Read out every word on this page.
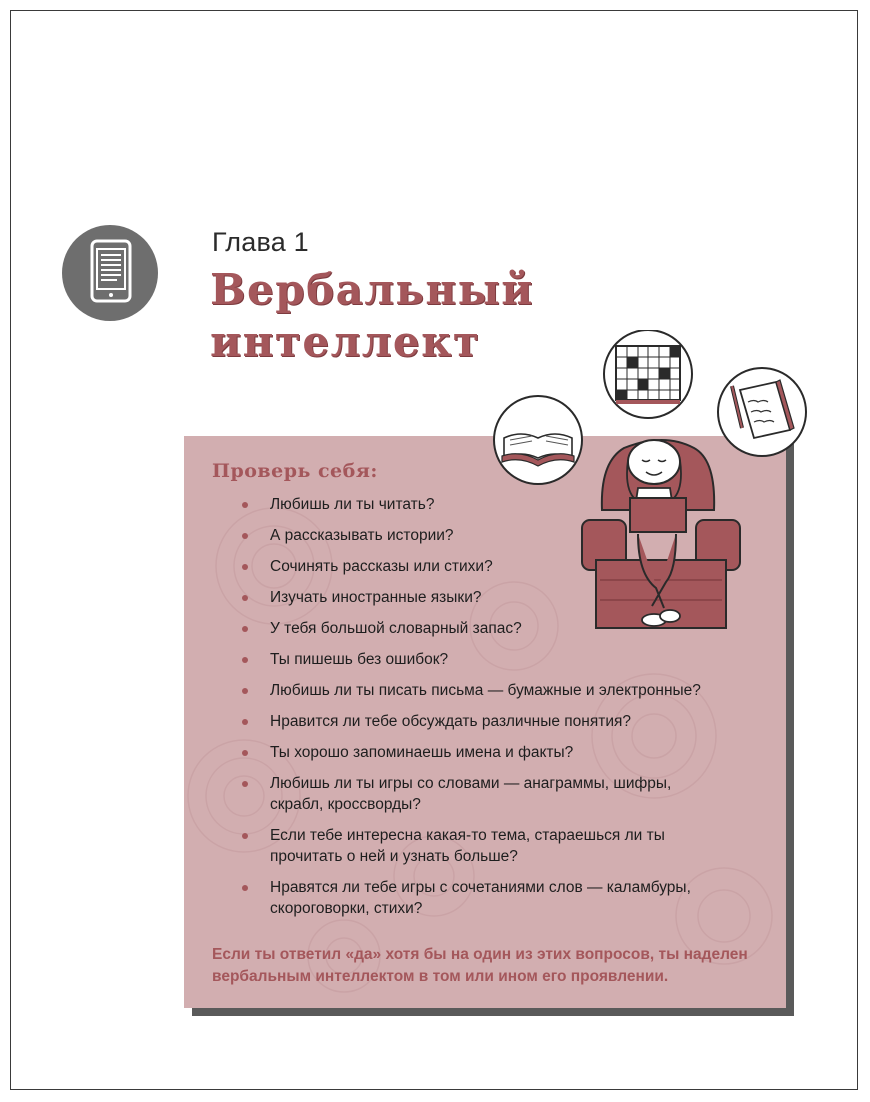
Глава 1
Вербальный
интеллект
Проверь себя:
Любишь ли ты читать?
А рассказывать истории?
Сочинять рассказы или стихи?
Изучать иностранные языки?
У тебя большой словарный запас?
Ты пишешь без ошибок?
Любишь ли ты писать письма — бумажные и электронные?
Нравится ли тебе обсуждать различные понятия?
Ты хорошо запоминаешь имена и факты?
Любишь ли ты игры со словами — анаграммы, шифры, скрабл, кроссворды?
Если тебе интересна какая-то тема, стараешься ли ты прочитать о ней и узнать больше?
Нравятся ли тебе игры с сочетаниями слов — каламбуры, скороговорки, стихи?
Если ты ответил «да» хотя бы на один из этих вопросов, ты наделен вербальным интеллектом в том или ином его проявлении.
